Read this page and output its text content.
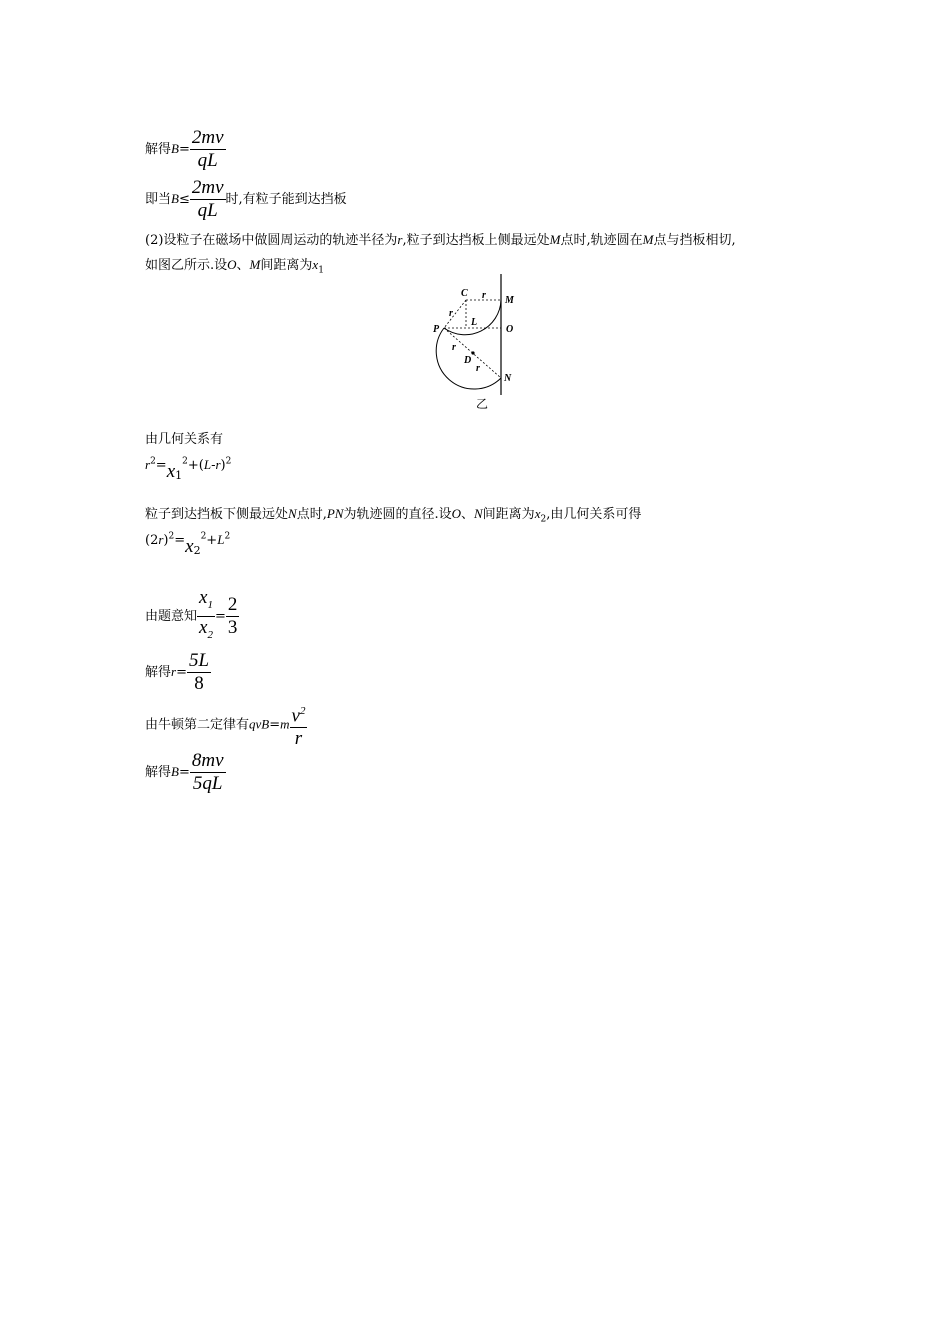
解得$B= \frac{2mv}{qL}$
即当$B\le \frac{2mv}{qL}$ 时,有粒子能到达挡板
(2)设粒子在磁场中做圆周运动的轨迹半径为r,粒子到达挡板上侧最远处M点时,轨迹圆在M点与挡板相切,
如图乙所示.设O、M间距离为$x_1$
C r M
r
L
P	O
r
D
r
N
乙
由几何关系有
$r^2=x_1^2+(L-r)^2$
粒子到达挡板下侧最远处N点时,PN为轨迹圆的直径.设O、N间距离为$x_2$,由几何关系可得
$(2r)^2=x_2^2+L^2$
由题意知 $\frac{x_1}{x_2} = \frac{2}{3}$
解得$r= \frac{5L}{8}$
由牛顿第二定律有$qvB=m \frac{v^2}{r}$
解得$B= \frac{8mv}{5qL}$
